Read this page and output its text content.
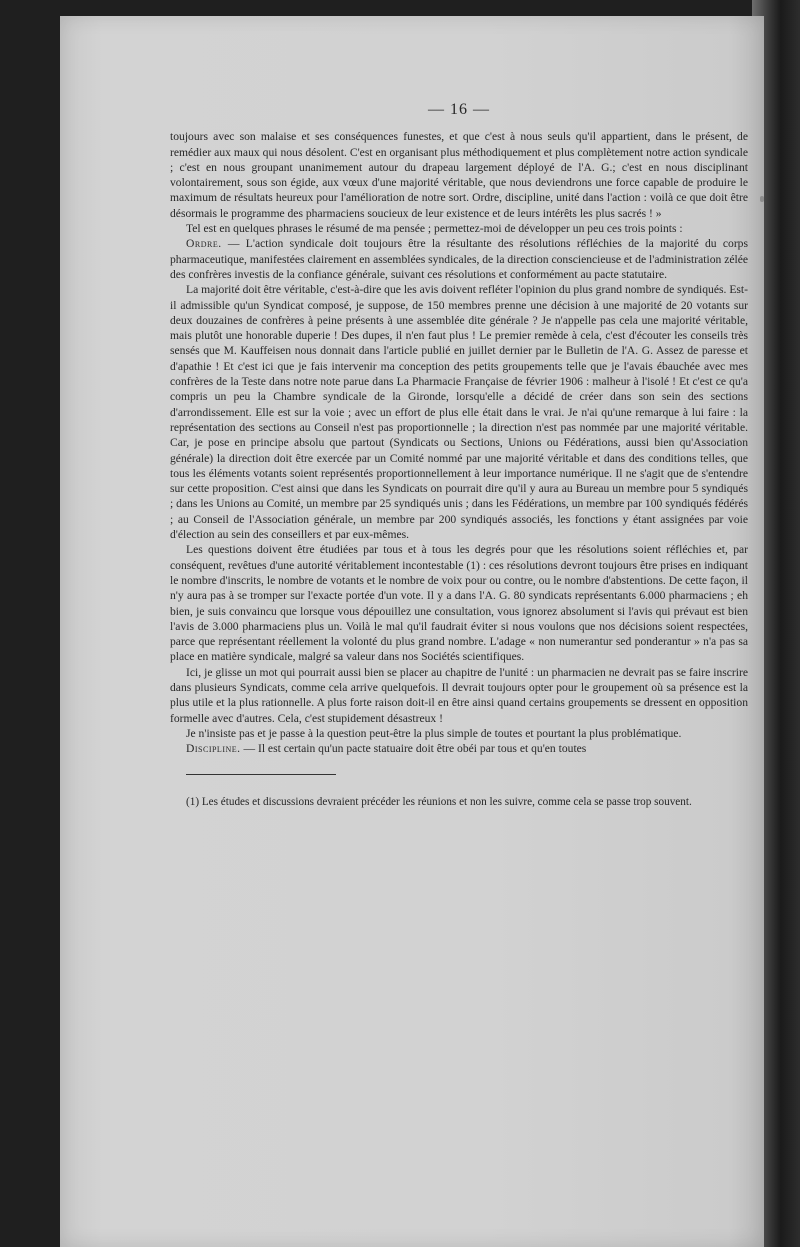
— 16 —

toujours avec son malaise et ses conséquences funestes, et que c'est à nous seuls qu'il appartient, dans le présent, de remédier aux maux qui nous désolent. C'est en organisant plus méthodiquement et plus complètement notre action syndicale ; c'est en nous groupant unanimement autour du drapeau largement déployé de l'A. G.; c'est en nous disciplinant volontairement, sous son égide, aux vœux d'une majorité véritable, que nous deviendrons une force capable de produire le maximum de résultats heureux pour l'amélioration de notre sort. Ordre, discipline, unité dans l'action : voilà ce que doit être désormais le programme des pharmaciens soucieux de leur existence et de leurs intérêts les plus sacrés ! »

Tel est en quelques phrases le résumé de ma pensée ; permettez-moi de développer un peu ces trois points :

Ordre. — L'action syndicale doit toujours être la résultante des résolutions réfléchies de la majorité du corps pharmaceutique, manifestées clairement en assemblées syndicales, de la direction consciencieuse et de l'administration zélée des confrères investis de la confiance générale, suivant ces résolutions et conformément au pacte statutaire.

La majorité doit être véritable, c'est-à-dire que les avis doivent refléter l'opinion du plus grand nombre de syndiqués. Est-il admissible qu'un Syndicat composé, je suppose, de 150 membres prenne une décision à une majorité de 20 votants sur deux douzaines de confrères à peine présents à une assemblée dite générale ? Je n'appelle pas cela une majorité véritable, mais plutôt une honorable duperie ! Des dupes, il n'en faut plus ! Le premier remède à cela, c'est d'écouter les conseils très sensés que M. Kauffeisen nous donnait dans l'article publié en juillet dernier par le Bulletin de l'A. G. Assez de paresse et d'apathie ! Et c'est ici que je fais intervenir ma conception des petits groupements telle que je l'avais ébauchée avec mes confrères de la Teste dans notre note parue dans La Pharmacie Française de février 1906 : malheur à l'isolé ! Et c'est ce qu'a compris un peu la Chambre syndicale de la Gironde, lorsqu'elle a décidé de créer dans son sein des sections d'arrondissement. Elle est sur la voie ; avec un effort de plus elle était dans le vrai. Je n'ai qu'une remarque à lui faire : la représentation des sections au Conseil n'est pas proportionnelle ; la direction n'est pas nommée par une majorité véritable. Car, je pose en principe absolu que partout (Syndicats ou Sections, Unions ou Fédérations, aussi bien qu'Association générale) la direction doit être exercée par un Comité nommé par une majorité véritable et dans des conditions telles, que tous les éléments votants soient représentés proportionnellement à leur importance numérique. Il ne s'agit que de s'entendre sur cette proposition. C'est ainsi que dans les Syndicats on pourrait dire qu'il y aura au Bureau un membre pour 5 syndiqués ; dans les Unions au Comité, un membre par 25 syndiqués unis ; dans les Fédérations, un membre par 100 syndiqués fédérés ; au Conseil de l'Association générale, un membre par 200 syndiqués associés, les fonctions y étant assignées par voie d'élection au sein des conseillers et par eux-mêmes.

Les questions doivent être étudiées par tous et à tous les degrés pour que les résolutions soient réfléchies et, par conséquent, revêtues d'une autorité véritablement incontestable (1) : ces résolutions devront toujours être prises en indiquant le nombre d'inscrits, le nombre de votants et le nombre de voix pour ou contre, ou le nombre d'abstentions. De cette façon, il n'y aura pas à se tromper sur l'exacte portée d'un vote. Il y a dans l'A. G. 80 syndicats représentants 6.000 pharmaciens ; eh bien, je suis convaincu que lorsque vous dépouillez une consultation, vous ignorez absolument si l'avis qui prévaut est bien l'avis de 3.000 pharmaciens plus un. Voilà le mal qu'il faudrait éviter si nous voulons que nos décisions soient respectées, parce que représentant réellement la volonté du plus grand nombre. L'adage « non numerantur sed ponderantur » n'a pas sa place en matière syndicale, malgré sa valeur dans nos Sociétés scientifiques.

Ici, je glisse un mot qui pourrait aussi bien se placer au chapitre de l'unité : un pharmacien ne devrait pas se faire inscrire dans plusieurs Syndicats, comme cela arrive quelquefois. Il devrait toujours opter pour le groupement où sa présence est la plus utile et la plus rationnelle. A plus forte raison doit-il en être ainsi quand certains groupements se dressent en opposition formelle avec d'autres. Cela, c'est stupidement désastreux !

Je n'insiste pas et je passe à la question peut-être la plus simple de toutes et pourtant la plus problématique.

Discipline. — Il est certain qu'un pacte statuaire doit être obéi par tous et qu'en toutes

(1) Les études et discussions devraient précéder les réunions et non les suivre, comme cela se passe trop souvent.
